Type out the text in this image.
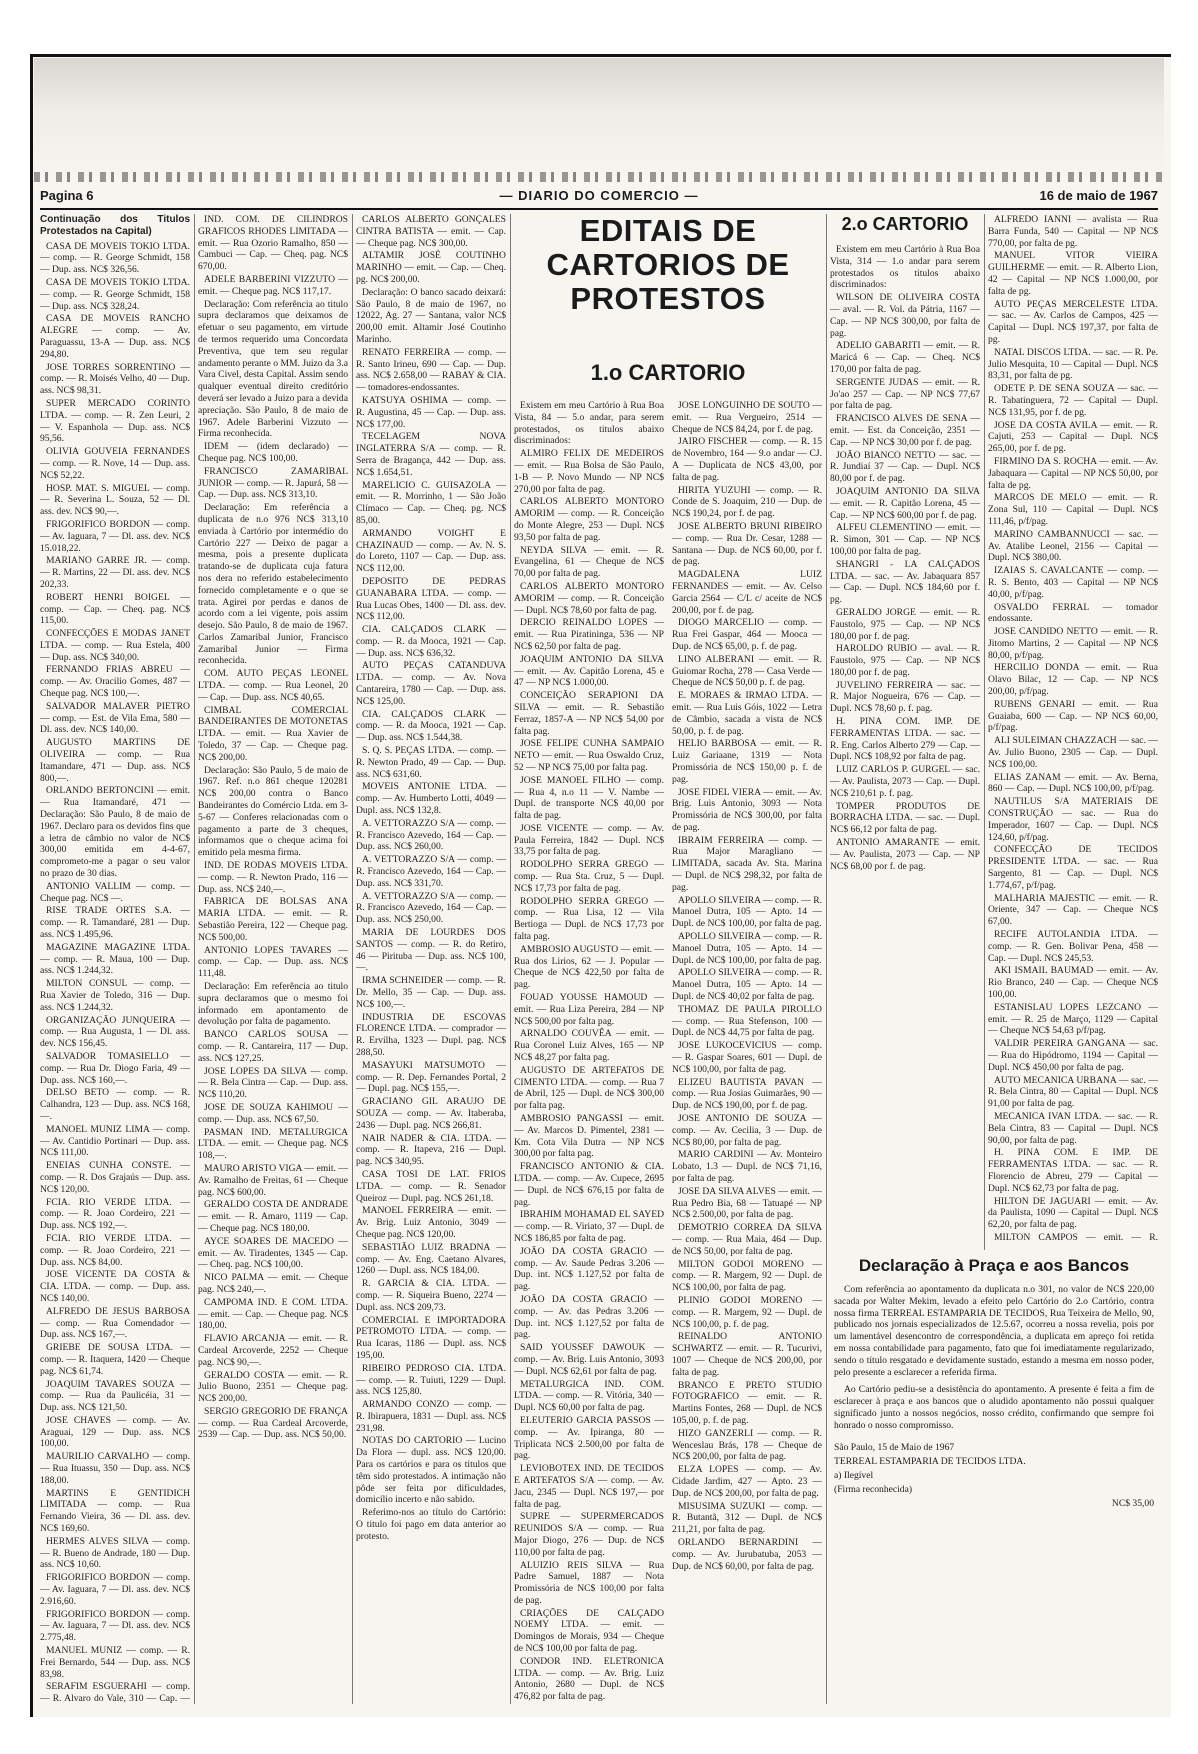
Pagina 6	— DIARIO DO COMERCIO —	16 de maio de 1967

Continuação dos Titulos Protestados na Capital)

CASA DE MOVEIS TOKIO LTDA. — comp. — R. George Schmidt, 158 — Dup. ass. NC$ 326,56.

CASA DE MOVEIS TOKIO LTDA. — comp. — R. George Schmidt, 158 — Dup. ass. NC$ 328,24.

CASA DE MOVEIS RANCHO ALEGRE — comp. — Av. Paraguassu, 13-A — Dup. ass. NC$ 294,80.

JOSE TORRES SORRENTINO — comp. — R. Moisés Velho, 40 — Dup. ass. NC$ 98,31.

SUPER MERCADO CORINTO LTDA. — comp. — R. Zen Leuri, 2 — V. Espanhola — Dup. ass. NC$ 95,56.

OLIVIA GOUVEIA FERNANDES — comp. — R. Nove, 14 — Dup. ass. NC$ 52,22.

HOSP. MAT. S. MIGUEL — comp. — R. Severina L. Souza, 52 — Dl. ass. dev. NC$ 90,—.

FRIGORIFICO BORDON — comp. — Av. Iaguara, 7 — Dl. ass. dev. NC$ 15.018,22.

MARIANO GARRE JR. — comp. — R. Martins, 22 — Dl. ass. dev. NC$ 202,33.

ROBERT HENRI BOIGEL — comp. — Cap. — Cheq. pag. NC$ 115,00.

CONFECÇÕES E MODAS JANET LTDA. — comp. — Rua Estela, 400 — Dup. ass. NC$ 340,00.

FERNANDO FRIAS ABREU — comp. — Av. Oracilio Gomes, 487 — Cheque pag. NC$ 100,—.

SALVADOR MALAVER PIETRO — comp. — Est. de Vila Ema, 580 — Dl. ass. dev. NC$ 140,00.

AUGUSTO MARTINS DE OLIVEIRA — comp. — Rua Itamandare, 471 — Dup. ass. NC$ 800,—.

ORLANDO BERTONCINI — emit. — Rua Itamandaré, 471 — Declaração: São Paulo, 8 de maio de 1967. Declaro para os devidos fins que a letra de câmbio no valor de NC$ 300,00 emitida em 4-4-67, comprometo-me a pagar o seu valor no prazo de 30 dias.

ANTONIO VALLIM — comp. — Cheque pag. NC$ —.

RISE TRADE ORTES S.A. — comp. — R. Tamandaré, 281 — Dup. ass. NC$ 1.495,96.

MAGAZINE MAGAZINE LTDA. — comp. — R. Maua, 100 — Dup. ass. NC$ 1.244,32.

MILTON CONSUL — comp. — Rua Xavier de Toledo, 316 — Dup. ass. NC$ 1.244,32.

ORGANIZAÇÃO JUNQUEIRA — comp. — Rua Augusta, 1 — Dl. ass. dev. NC$ 156,45.

SALVADOR TOMASIELLO — comp. — Rua Dr. Diogo Faria, 49 — Dup. ass. NC$ 160,—.

DELSO BETO — comp. — R. Calhandra, 123 — Dup. ass. NC$ 168,—.

MANOEL MUNIZ LIMA — comp. — Av. Cantidio Portinari — Dup. ass. NC$ 111,00.

ENEIAS CUNHA CONSTE. — comp. — R. Dos Grajaús — Dup. ass. NC$ 120,00.

FCIA. RIO VERDE LTDA. — comp. — R. Joao Cordeiro, 221 — Dup. ass. NC$ 192,—.

FCIA. RIO VERDE LTDA. — comp. — R. Joao Cordeiro, 221 — Dup. ass. NC$ 84,00.

JOSE VICENTE DA COSTA & CIA. LTDA. — comp. — Dup. ass. NC$ 140,00.

ALFREDO DE JESUS BARBOSA — comp. — Rua Comendador — Dup. ass. NC$ 167,—.

GRIEBE DE SOUSA LTDA. — comp. — R. Itaquera, 1420 — Cheque pag. NC$ 61,74.

JOAQUIM TAVARES SOUZA — comp. — Rua da Paulicéia, 31 — Dup. ass. NC$ 121,50.

JOSE CHAVES — comp. — Av. Araguai, 129 — Dup. ass. NC$ 100,00.

MAURILIO CARVALHO — comp. — Rua Ituassu, 350 — Dup. ass. NC$ 188,00.

MARTINS E GENTIDICH LIMITADA — comp. — Rua Fernando Vieira, 36 — Dl. ass. dev. NC$ 169,60.

HERMES ALVES SILVA — comp. — R. Bueno de Andrade, 180 — Dup. ass. NC$ 10,60.

FRIGORIFICO BORDON — comp. — Av. Iaguara, 7 — Dl. ass. dev. NC$ 2.916,60.

FRIGORIFICO BORDON — comp. — Av. Iaguara, 7 — Dl. ass. dev. NC$ 2.775,48.

MANUEL MUNIZ — comp. — R. Frei Bernardo, 544 — Dup. ass. NC$ 83,98.

SERAFIM ESGUERAHI — comp. — R. Alvaro do Vale, 310 — Cap. —

IND. COM. DE CILINDROS GRAFICOS RHODES LIMITADA — emit. — Rua Ozorio Ramalho, 850 — Cambuci — Cap. — Cheq. pag. NC$ 670,00.

ADELE BARBERINI VIZZUTO — emit. — Cheque pag. NC$ 117,17.

Declaração: Com referência ao titulo supra declaramos que deixamos de efetuar o seu pagamento, em virtude de termos requerido uma Concordata Preventiva, que tem seu regular andamento perante o MM. Juizo da 3.a Vara Civel, desta Capital. Assim sendo qualquer eventual direito creditório deverá ser levado a Juizo para a devida apreciação. São Paulo, 8 de maio de 1967. Adele Barberini Vizzuto — Firma reconhecida.

IDEM — (idem declarado) — Cheque pag. NC$ 100,00.

FRANCISCO ZAMARIBAL JUNIOR — comp. — R. Japurá, 58 — Cap. — Dup. ass. NC$ 313,10.

Declaração: Em referência a duplicata de n.o 976 NC$ 313,10 enviada à Cartório por intermédio do Cartório 227 — Deixo de pagar a mesma, pois a presente duplicata tratando-se de duplicata cuja fatura nos dera no referido estabelecimento fornecido completamente e o que se trata. Agirei por perdas e danos de acordo com a lei vigente, pois assim desejo. São Paulo, 8 de maio de 1967. Carlos Zamaribal Junior, Francisco Zamaribal Junior — Firma reconhecida.

COM. AUTO PEÇAS LEONEL LTDA. — comp. — Rua Leonel, 20 — Cap. — Dup. ass. NC$ 40,65.

CIMBAL COMERCIAL BANDEIRANTES DE MOTONETAS LTDA. — emit. — Rua Xavier de Toledo, 37 — Cap. — Cheque pag. NC$ 200,00.

Declaração: São Paulo, 5 de maio de 1967. Ref. n.o 861 cheque 120281 NC$ 200,00 contra o Banco Bandeirantes do Comércio Ltda. em 3-5-67 — Conferes relacionadas com o pagamento a parte de 3 cheques, informamos que o cheque acima foi emitido pela mesma firma.

IND. DE RODAS MOVEIS LTDA. — comp. — R. Newton Prado, 116 — Dup. ass. NC$ 240,—.

FABRICA DE BOLSAS ANA MARIA LTDA. — emit. — R. Sebastião Pereira, 122 — Cheque pag. NC$ 500,00.

ANTONIO LOPES TAVARES — comp. — Cap. — Dup. ass. NC$ 111,48.

Declaração: Em referência ao titulo supra declaramos que o mesmo foi informado em apontamento de devolução por falta de pagamento.

BANCO CARLOS SOUSA — comp. — R. Cantareira, 117 — Dup. ass. NC$ 127,25.

JOSE LOPES DA SILVA — comp. — R. Bela Cintra — Cap. — Dup. ass. NC$ 110,20.

JOSE DE SOUZA KAHIMOU — comp. — Dup. ass. NC$ 67,50.

PASMAN IND. METALURGICA LTDA. — emit. — Cheque pag. NC$ 108,—.

MAURO ARISTO VIGA — emit. — Av. Ramalho de Freitas, 61 — Cheque pag. NC$ 600,00.

GERALDO COSTA DE ANDRADE — emit. — R. Amaro, 1119 — Cap. — Cheque pag. NC$ 180,00.

AYCE SOARES DE MACEDO — emit. — Av. Tiradentes, 1345 — Cap. — Cheq. pag. NC$ 100,00.

NICO PALMA — emit. — Cheque pag. NC$ 240,—.

CAMPOMA IND. E COM. LTDA. — emit. — Cap. — Cheque pag. NC$ 180,00.

FLAVIO ARCANJA — emit. — R. Cardeal Arcoverde, 2252 — Cheque pag. NC$ 90,—.

GERALDO COSTA — emit. — R. Julio Buono, 2351 — Cheque pag. NC$ 200,00.

SERGIO GREGORIO DE FRANÇA — comp. — Rua Cardeal Arcoverde, 2539 — Cap. — Dup. ass. NC$ 50,00.

CARLOS ALBERTO GONÇALES CINTRA BATISTA — emit. — Cap. — Cheque pag. NC$ 300,00.

ALTAMIR JOSÉ COUTINHO MARINHO — emit. — Cap. — Cheq. pg. NC$ 200,00.

Declaração: O banco sacado deixará: São Paulo, 8 de maio de 1967, no 12022, Ag. 27 — Santana, valor NC$ 200,00 emit. Altamir José Coutinho Marinho.

RENATO FERREIRA — comp. — R. Santo Irineu, 690 — Cap. — Dup. ass. NC$ 2.658,00 — RABAY & CIA. — tomadores-endossantes.

KATSUYA OSHIMA — comp. — R. Augustina, 45 — Cap. — Dup. ass. NC$ 177,00.

TECELAGEM NOVA INGLATERRA S/A — comp. — R. Serra de Bragança, 442 — Dup. ass. NC$ 1.654,51.

MARELICIO C. GUISAZOLA — emit. — R. Morrinho, 1 — São João Clímaco — Cap. — Cheq. pg. NC$ 85,00.

ARMANDO VOIGHT E CHAZINAUD — comp. — Av. N. S. do Loreto, 1107 — Cap. — Dup. ass. NC$ 112,00.

DEPOSITO DE PEDRAS GUANABARA LTDA. — comp. — Rua Lucas Obes, 1400 — Dl. ass. dev. NC$ 112,00.

CIA. CALÇADOS CLARK — comp. — R. da Mooca, 1921 — Cap. — Dup. ass. NC$ 636,32.

AUTO PEÇAS CATANDUVA LTDA. — comp. — Av. Nova Cantareira, 1780 — Cap. — Dup. ass. NC$ 125,00.

CIA. CALÇADOS CLARK — comp. — R. da Mooca, 1921 — Cap. — Dup. ass. NC$ 1.544,38.

S. Q. S. PEÇAS LTDA. — comp. — R. Newton Prado, 49 — Cap. — Dup. ass. NC$ 631,60.

MOVEIS ANTONIE LTDA. — comp. — Av. Humberto Lotti, 4049 — Dupl. ass. NC$ 132,8.

A. VETTORAZZO S/A — comp. — R. Francisco Azevedo, 164 — Cap. — Dup. ass. NC$ 260,00.

A. VETTORAZZO S/A — comp. — R. Francisco Azevedo, 164 — Cap. — Dup. ass. NC$ 331,70.

A. VETTORAZZO S/A — comp. — R. Francisco Azevedo, 164 — Cap. — Dup. ass. NC$ 250,00.

MARIA DE LOURDES DOS SANTOS — comp. — R. do Retiro, 46 — Pirituba — Dup. ass. NC$ 100,—.

IRMA SCHNEIDER — comp. — R. Dr. Mello, 35 — Cap. — Dup. ass. NC$ 100,—.

INDUSTRIA DE ESCOVAS FLORENCE LTDA. — comprador — R. Ervilha, 1323 — Dupl. pag. NC$ 288,50.

MASAYUKI MATSUMOTO — comp. — R. Dep. Fernandes Portal, 2 — Dupl. pag. NC$ 155,—.

GRACIANO GIL ARAUJO DE SOUZA — comp. — Av. Itaberaba, 2436 — Dupl. pag. NC$ 266,81.

NAIR NADER & CIA. LTDA. — comp. — R. Itapeva, 216 — Dupl. pag. NC$ 340,95.

CASA TOSI DE LAT. FRIOS LTDA. — comp. — R. Senador Queiroz — Dupl. pag. NC$ 261,18.

MANOEL FERREIRA — emit. — Av. Brig. Luiz Antonio, 3049 — Cheque pag. NC$ 120,00.

SEBASTIÃO LUIZ BRADNA — comp. — Av. Eng. Caetano Alvares, 1260 — Dupl. ass. NC$ 184,00.

R. GARCIA & CIA. LTDA. — comp. — R. Siqueira Bueno, 2274 — Dupl. ass. NC$ 209,73.

COMERCIAL E IMPORTADORA PETROMOTO LTDA. — comp. — Rua Icaras, 1186 — Dupl. ass. NC$ 195,00.

RIBEIRO PEDROSO CIA. LTDA. — comp. — R. Tuiuti, 1229 — Dupl. ass. NC$ 125,80.

ARMANDO CONZO — comp. — R. Ibirapuera, 1831 — Dupl. ass. NC$ 231,98.

NOTAS DO CARTORIO — Lucino Da Flora — dupl. ass. NC$ 120,00. Para os cartórios e para os titulos que têm sido protestados. A intimação não pôde ser feita por dificuldades, domicílio incerto e não sabido.

Referimo-nos ao título do Cartório: O titulo foi pago em data anterior ao protesto.

EDITAIS DE CARTORIOS DE PROTESTOS
1.o CARTORIO

Existem em meu Cartório à Rua Boa Vista, 84 — 5.o andar, para serem protestados, os titulos abaixo discriminados:

ALMIRO FELIX DE MEDEIROS — emit. — Rua Bolsa de São Paulo, 1-B — P. Novo Mundo — NP NC$ 270,00 por falta de pag.

CARLOS ALBERTO MONTORO AMORIM — comp. — R. Conceição do Monte Alegre, 253 — Dupl. NC$ 93,50 por falta de pag.

NEYDA SILVA — emit. — R. Evangelina, 61 — Cheque de NC$ 70,00 por falta de pag.

CARLOS ALBERTO MONTORO AMORIM — comp. — R. Conceição — Dupl. NC$ 78,60 por falta de pag.

DERCIO REINALDO LOPES — emit. — Rua Piratininga, 536 — NP NC$ 62,50 por falta de pag.

JOAQUIM ANTONIO DA SILVA — emit. — Av. Capitão Lorena, 45 e 47 — NP NC$ 1.000,00.

CONCEIÇÃO SERAPIONI DA SILVA — emit. — R. Sebastião Ferraz, 1857-A — NP NC$ 54,00 por falta pag.

JOSE FELIPE CUNHA SAMPAIO NETO — emit. — Rua Oswaldo Cruz, 52 — NP NC$ 75,00 por falta pag.

JOSE MANOEL FILHO — comp. — Rua 4, n.o 11 — V. Nambe — Dupl. de transporte NC$ 40,00 por falta de pag.

JOSE VICENTE — comp. — Av. Paula Ferreira, 1842 — Dupl. NC$ 33,75 por falta de pag.

RODOLPHO SERRA GREGO — comp. — Rua Sta. Cruz, 5 — Dupl. NC$ 17,73 por falta de pag.

RODOLPHO SERRA GREGO — comp. — Rua Lisa, 12 — Vila Bertioga — Dupl. de NC$ 17,73 por falta pag.

AMBROSIO AUGUSTO — emit. — Rua dos Lirios, 62 — J. Popular — Cheque de NC$ 422,50 por falta de pag.

FOUAD YOUSSE HAMOUD — emit. — Rua Liza Pereira, 284 — NP NC$ 500,00 por falta pag.

ARNALDO COUVÊA — emit. — Rua Coronel Luiz Alves, 165 — NP NC$ 48,27 por falta pag.

AUGUSTO DE ARTEFATOS DE CIMENTO LTDA. — comp. — Rua 7 de Abril, 125 — Dupl. de NC$ 300,00 por falta pag.

AMBROSIO PANGASSI — emit. — Av. Marcos D. Pimentel, 2381 — Km. Cota Vila Dutra — NP NC$ 300,00 por falta pag.

FRANCISCO ANTONIO & CIA. LTDA. — comp. — Av. Cupece, 2695 — Dupl. de NC$ 676,15 por falta de pag.

IBRAHIM MOHAMAD EL SAYED — comp. — R. Viriato, 37 — Dupl. de NC$ 186,85 por falta de pag.

JOÃO DA COSTA GRACIO — comp. — Av. Saude Pedras 3.206 — Dup. int. NC$ 1.127,52 por falta de pag.

JOÃO DA COSTA GRACIO — comp. — Av. das Pedras 3.206 — Dup. int. NC$ 1.127,52 por falta de pag.

SAID YOUSSEF DAWOUK — comp. — Av. Brig. Luis Antonio, 3093 — Dupl. NC$ 62,61 por falta de pag.

METALURGICA IND. COM. LTDA. — comp. — R. Vitória, 340 — Dupl. NC$ 60,00 por falta de pag.

ELEUTERIO GARCIA PASSOS — comp. — Av. Ipiranga, 80 — Triplicata NC$ 2.500,00 por falta de pag.

LEVIOBOTEX IND. DE TECIDOS E ARTEFATOS S/A — comp. — Av. Jacu, 2345 — Dupl. NC$ 197,— por falta de pag.

SUPRE — SUPERMERCADOS REUNIDOS S/A — comp. — Rua Major Diogo, 276 — Dup. de NC$ 110,00 por falta de pag.

ALUIZIO REIS SILVA — Rua Padre Samuel, 1887 — Nota Promissória de NC$ 100,00 por falta de pag.

CRIAÇÕES DE CALÇADO NOEMY LTDA. — emit. — Domingos de Morais, 934 — Cheque de NC$ 100,00 por falta de pag.

CONDOR IND. ELETRONICA LTDA. — comp. — Av. Brig. Luiz Antonio, 2680 — Dupl. de NC$ 476,82 por falta de pag.

JOSE LONGUINHO DE SOUTO — emit. — Rua Vergueiro, 2514 — Cheque de NC$ 84,24, por f. de pag.

JAIRO FISCHER — comp. — R. 15 de Novembro, 164 — 9.o andar — CJ. A — Duplicata de NC$ 43,00, por falta de pag.

HIRITA YUZUHI — comp. — R. Conde de S. Joaquim, 210 — Dup. de NC$ 190,24, por f. de pag.

JOSE ALBERTO BRUNI RIBEIRO — comp. — Rua Dr. Cesar, 1288 — Santana — Dup. de NC$ 60,00, por f. de pag.

MAGDALENA LUIZ FERNANDES — emit. — Av. Celso Garcia 2564 — C/L c/ aceite de NC$ 200,00, por f. de pag.

DIOGO MARCELIO — comp. — Rua Frei Gaspar, 464 — Mooca — Dup. de NC$ 65,00, p. f. de pag.

LINO ALBERANI — emit. — R. Guiomar Rocha, 278 — Casa Verde — Cheque de NC$ 50,00 p. f. de pag.

E. MORAES & IRMAO LTDA. — emit. — Rua Luis Góis, 1022 — Letra de Câmbio, sacada a vista de NC$ 50,00, p. f. de pag.

HELIO BARBOSA — emit. — R. Luiz Gariaane, 1319 — Nota Promissória de NC$ 150,00 p. f. de pag.

JOSE FIDEL VIERA — emit. — Av. Brig. Luis Antonio, 3093 — Nota Promissória de NC$ 300,00, por falta de pag.

IBRAIM FERREIRA — comp. — Rua Major Maragliano — LIMITADA, sacada Av. Sta. Marina — Dupl. de NC$ 298,32, por falta de pag.

APOLLO SILVEIRA — comp. — R. Manoel Dutra, 105 — Apto. 14 — Dupl. de NC$ 100,00, por falta de pag.

APOLLO SILVEIRA — comp. — R. Manoel Dutra, 105 — Apto. 14 — Dupl. de NC$ 100,00, por falta de pag.

APOLLO SILVEIRA — comp. — R. Manoel Dutra, 105 — Apto. 14 — Dupl. de NC$ 40,02 por falta de pag.

THOMAZ DE PAULA PIROLLO — comp. — Rua Stefenson, 100 — Dupl. de NC$ 44,75 por falta de pag.

JOSE LUKOCEVICIUS — comp. — R. Gaspar Soares, 601 — Dupl. de NC$ 100,00, por falta de pag.

ELIZEU BAUTISTA PAVAN — comp. — Rua Josias Guimarães, 90 — Dup. de NC$ 190,00, por f. de pag.

JOSE ANTONIO DE SOUZA — comp. — Av. Cecilia, 3 — Dup. de NC$ 80,00, por falta de pag.

MARIO CARDINI — Av. Monteiro Lobato, 1.3 — Dupl. de NC$ 71,16, por falta de pag.

JOSE DA SILVA ALVES — emit. — Rua Pedro Bia, 68 — Tatuapé — NP NC$ 2.500,00, por falta de pag.

DEMOTRIO CORREA DA SILVA — comp. — Rua Maia, 464 — Dup. de NC$ 50,00, por falta de pag.

MILTON GODOI MORENO — comp. — R. Margem, 92 — Dupl. de NC$ 100,00, por falta de pag.

PLINIO GODOI MORENO — comp. — R. Margem, 92 — Dupl. de NC$ 100,00, p. f. de pag.

REINALDO ANTONIO SCHWARTZ — emit. — R. Tucurivi, 1007 — Cheque de NC$ 200,00, por falta de pag.

BRANCO E PRETO STUDIO FOTOGRAFICO — emit. — R. Martins Fontes, 268 — Dupl. de NC$ 105,00, p. f. de pag.

HIZO GANZERLI — comp. — R. Wenceslau Brás, 178 — Cheque de NC$ 200,00, por falta de pag.

ELZA LOPES — comp. — Av. Cidade Jardim, 427 — Apto. 23 — Dup. de NC$ 200,00, por falta de pag.

MISUSIMA SUZUKI — comp. — R. Butantã, 312 — Dupl. de NC$ 211,21, por falta de pag.

ORLANDO BERNARDINI — comp. — Av. Jurubatuba, 2053 — Dup. de NC$ 60,00, por falta de pag.

2.o CARTORIO

Existem em meu Cartório à Rua Boa Vista, 314 — 1.o andar para serem protestados os titulos abaixo discriminados:

WILSON DE OLIVEIRA COSTA — aval. — R. Vol. da Pátria, 1167 — Cap. — NP NC$ 300,00, por falta de pag.

ADELIO GABARITI — emit. — R. Maricá 6 — Cap. — Cheq. NC$ 170,00 por falta de pag.

SERGENTE JUDAS — emit. — R. Jo'ao 257 — Cap. — NP NC$ 77,67 por falta de pag.

FRANCISCO ALVES DE SENA — emit. — Est. da Conceição, 2351 — Cap. — NP NC$ 30,00 por f. de pag.

JOÃO BIANCO NETTO — sac. — R. Jundiaí 37 — Cap. — Dupl. NC$ 80,00 por f. de pag.

JOAQUIM ANTONIO DA SILVA — emit. — R. Capitão Lorena, 45 — Cap. — NP NC$ 600,00 por f. de pag.

ALFEU CLEMENTINO — emit. — R. Simon, 301 — Cap. — NP NC$ 100,00 por falta de pag.

SHANGRI - LA CALÇADOS LTDA. — sac. — Av. Jabaquara 857 — Cap. — Dupl. NC$ 184,60 por f. pg.

GERALDO JORGE — emit. — R. Faustolo, 975 — Cap. — NP NC$ 180,00 por f. de pag.

HAROLDO RUBIO — aval. — R. Faustolo, 975 — Cap. — NP NC$ 180,00 por f. de pag.

JUVELINO FERREIRA — sac. — R. Major Nogueira, 676 — Cap. — Dupl. NC$ 78,60 p. f. pag.

H. PINA COM. IMP. DE FERRAMENTAS LTDA. — sac. — R. Eng. Carlos Alberto 279 — Cap. — Dupl. NC$ 108,92 por falta de pag.

LUIZ CARLOS P. GURGEL — sac. — Av. Paulista, 2073 — Cap. — Dupl. NC$ 210,61 p. f. pag.

TOMPER PRODUTOS DE BORRACHA LTDA. — sac. — Dupl. NC$ 66,12 por falta de pag.

ANTONIO AMARANTE — emit. — Av. Paulista, 2073 — Cap. — NP NC$ 68,00 por f. de pag.

ALFREDO IANNI — avalista — Rua Barra Funda, 540 — Capital — NP NC$ 770,00, por falta de pg.

MANUEL VITOR VIEIRA GUILHERME — emit. — R. Alberto Lion, 42 — Capital — NP NC$ 1.000,00, por falta de pg.

AUTO PEÇAS MERCELESTE LTDA. — sac. — Av. Carlos de Campos, 425 — Capital — Dupl. NC$ 197,37, por falta de pg.

NATAL DISCOS LTDA. — sac. — R. Pe. Julio Mesquita, 10 — Capital — Dupl. NC$ 83,31, por falta de pg.

ODETE P. DE SENA SOUZA — sac. — R. Tabatinguera, 72 — Capital — Dupl. NC$ 131,95, por f. de pg.

JOSE DA COSTA AVILA — emit. — R. Cajuti, 253 — Capital — Dupl. NC$ 265,00, por f. de pg.

FIRMINO DA S. ROCHA — emit. — Av. Jabaquara — Capital — NP NC$ 50,00, por falta de pg.

MARCOS DE MELO — emit. — R. Zona Sul, 110 — Capital — Dupl. NC$ 111,46, p/f/pag.

MARINO CAMBANNUCCI — sac. — Av. Atalibe Leonel, 2156 — Capital — Dupl. NC$ 380,00.

IZAIAS S. CAVALCANTE — comp. — R. S. Bento, 403 — Capital — NP NC$ 40,00, p/f/pag.

OSVALDO FERRAL — tomador endossante.

JOSE CANDIDO NETTO — emit. — R. Jitomo Martins, 2 — Capital — NP NC$ 80,00, p/f/pag.

HERCILIO DONDA — emit. — Rua Olavo Bilac, 12 — Cap. — NP NC$ 200,00, p/f/pag.

RUBENS GENARI — emit. — Rua Guaiaba, 600 — Cap. — NP NC$ 60,00, p/f/pag.

ALI SULEIMAN CHAZZACH — sac. — Av. Julio Buono, 2305 — Cap. — Dupl. NC$ 100,00.

ELIAS ZANAM — emit. — Av. Berna, 860 — Cap. — Dupl. NC$ 100,00, p/f/pag.

NAUTILUS S/A MATERIAIS DE CONSTRUÇÃO — sac. — Rua do Imperador, 1607 — Cap. — Dupl. NC$ 124,60, p/f/pag.

CONFECÇÃO DE TECIDOS PRESIDENTE LTDA. — sac. — Rua Sargento, 81 — Cap. — Dupl. NC$ 1.774,67, p/f/pag.

MALHARIA MAJESTIC — emit. — R. Oriente, 347 — Cap. — Cheque NC$ 67,00.

RECIFE AUTOLANDIA LTDA. — comp. — R. Gen. Bolivar Pena, 458 — Cap. — Dupl. NC$ 245,53.

AKI ISMAIL BAUMAD — emit. — Av. Rio Branco, 240 — Cap. — Cheque NC$ 100,00.

ESTANISLAU LOPES LEZCANO — emit. — R. 25 de Março, 1129 — Capital — Cheque NC$ 54,63 p/f/pag.

VALDIR PEREIRA GANGANA — sac. — Rua do Hipódromo, 1194 — Capital — Dupl. NC$ 450,00 por falta de pag.

AUTO MECANICA URBANA — sac. — R. Bela Cintra, 80 — Capital — Dupl. NC$ 91,00 por falta de pag.

MECANICA IVAN LTDA. — sac. — R. Bela Cintra, 83 — Capital — Dupl. NC$ 90,00, por falta de pag.

H. PINA COM. E IMP. DE FERRAMENTAS LTDA. — sac. — R. Florencio de Abreu, 279 — Capital — Dupl. NC$ 62,73 por falta de pag.

HILTON DE JAGUARI — emit. — Av. da Paulista, 1090 — Capital — Dupl. NC$ 62,20, por falta de pag.

MILTON CAMPOS — emit. — R.

Declaração à Praça e aos Bancos

Com referência ao apontamento da duplicata n.o 301, no valor de NC$ 220,00 sacada por Walter Mekim, levado a efeito pelo Cartório do 2.o Cartório, contra nossa firma TERREAL ESTAMPARIA DE TECIDOS, Rua Teixeira de Mello, 90, publicado nos jornais especializados de 12.5.67, ocorreu a nossa revelia, pois por um lamentável desencontro de correspondência, a duplicata em apreço foi retida em nossa contabilidade para pagamento, fato que foi imediatamente regularizado, sendo o título resgatado e devidamente sustado, estando a mesma em nosso poder, pelo presente a esclarecer a referida firma.

Ao Cartório pediu-se a desistência do apontamento. A presente é feita a fim de esclarecer à praça e aos bancos que o aludido apontamento não possui qualquer significado junto a nossos negócios, nosso crédito, confirmando que sempre foi honrado o nosso compromisso.

São Paulo, 15 de Maio de 1967
TERREAL ESTAMPARIA DE TECIDOS LTDA.
a) Ilegível
(Firma reconhecida)
NC$ 35,00
